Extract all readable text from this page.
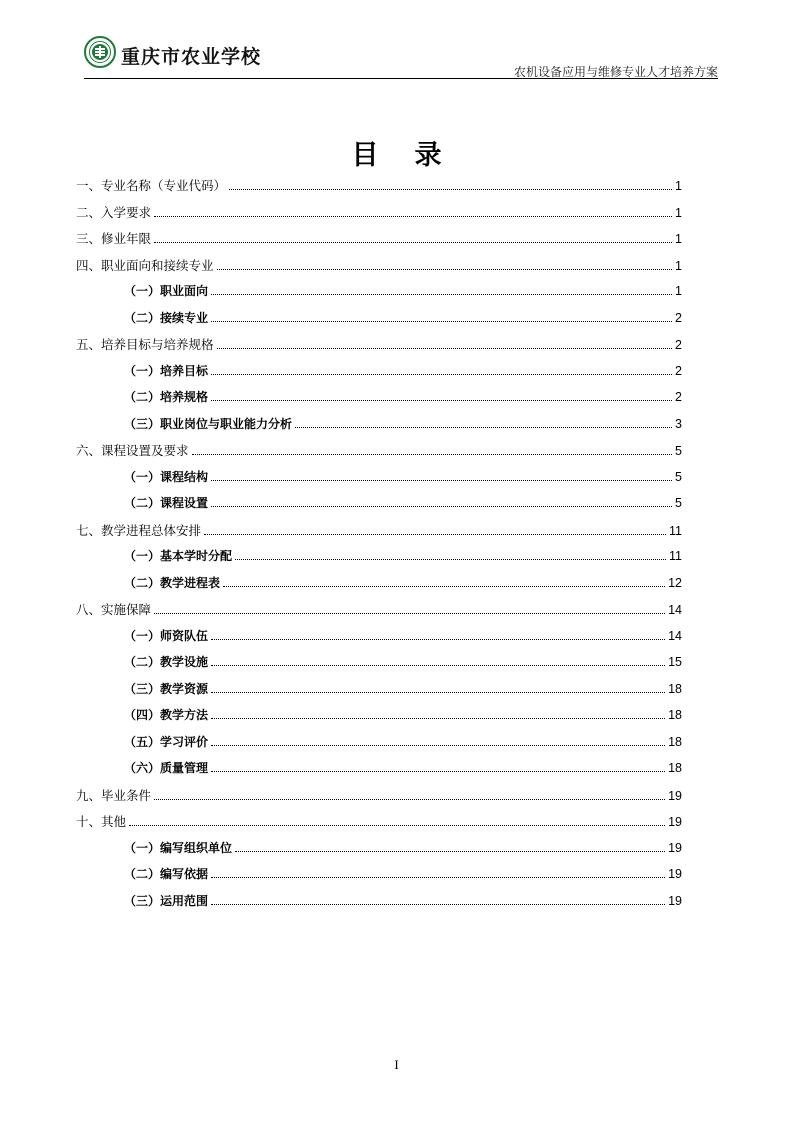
重庆市农业学校
农机设备应用与维修专业人才培养方案
目 录
一、专业名称（专业代码）	1
二、入学要求	1
三、修业年限	1
四、职业面向和接续专业	1
（一）职业面向	1
（二）接续专业	2
五、培养目标与培养规格	2
（一）培养目标	2
（二）培养规格	2
（三）职业岗位与职业能力分析	3
六、课程设置及要求	5
（一）课程结构	5
（二）课程设置	5
七、教学进程总体安排	11
（一）基本学时分配	11
（二）教学进程表	12
八、实施保障	14
（一）师资队伍	14
（二）教学设施	15
（三）教学资源	18
（四）教学方法	18
（五）学习评价	18
（六）质量管理	18
九、毕业条件	19
十、其他	19
（一）编写组织单位	19
（二）编写依据	19
（三）运用范围	19
I
